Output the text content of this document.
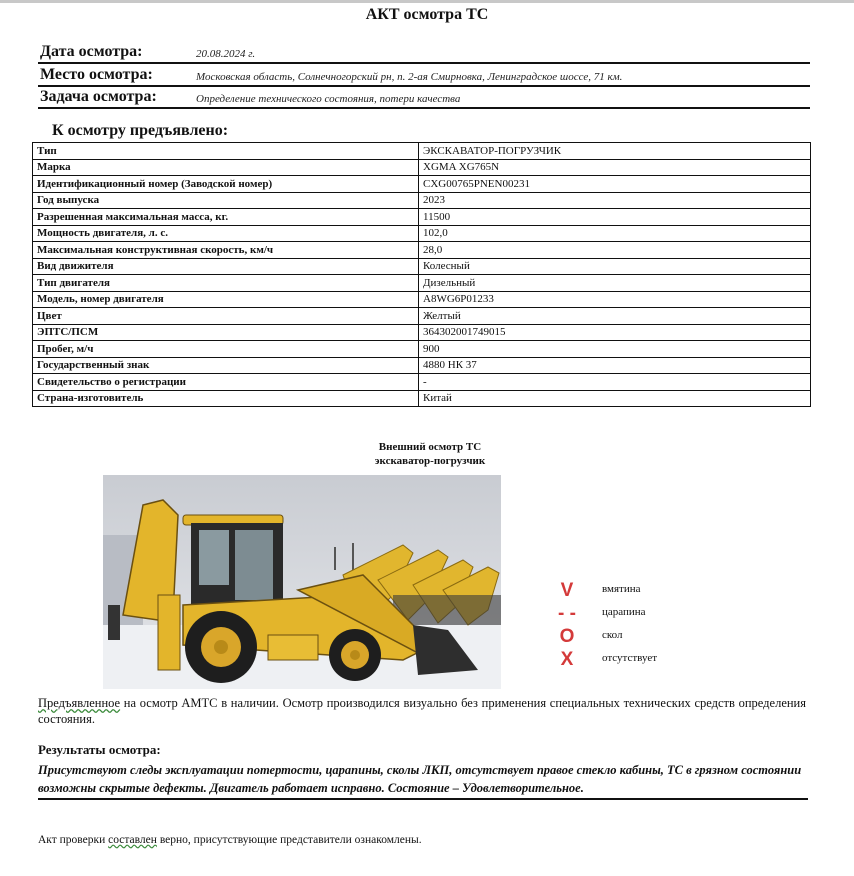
АКТ осмотра ТС
Дата осмотра:	20.08.2024 г.
Место осмотра:	Московская область, Солнечногорский рн, п. 2-ая Смирновка, Ленинградское шоссе, 71 км.
Задача осмотра:	Определение технического состояния, потери качества
К осмотру предъявлено:
Тип	ЭКСКАВАТОР-ПОГРУЗЧИК
Марка	XGMA XG765N
Идентификационный номер (Заводской номер)	CXG00765PNEN00231
Год выпуска	2023
Разрешенная максимальная масса, кг.	11500
Мощность двигателя, л. с.	102,0
Максимальная конструктивная скорость, км/ч	28,0
Вид движителя	Колесный
Тип двигателя	Дизельный
Модель, номер двигателя	A8WG6P01233
Цвет	Желтый
ЭПТС/ПСМ	364302001749015
Пробег, м/ч	900
Государственный знак	4880 НК 37
Свидетельство о регистрации	-
Страна-изготовитель	Китай
Внешний осмотр ТС
экскаватор-погрузчик
V	вмятина
- - царапина
O	скол
X	отсутствует
Предъявленное на осмотр АМТС в наличии. Осмотр производился визуально без применения специальных технических средств определения состояния.
Результаты осмотра:
Присутствуют следы эксплуатации потертости, царапины, сколы ЛКП, отсутствует правое стекло кабины, ТС в грязном состоянии возможны скрытые дефекты. Двигатель работает исправно. Состояние – Удовлетворительное.
Акт проверки составлен верно, присутствующие представители ознакомлены.
